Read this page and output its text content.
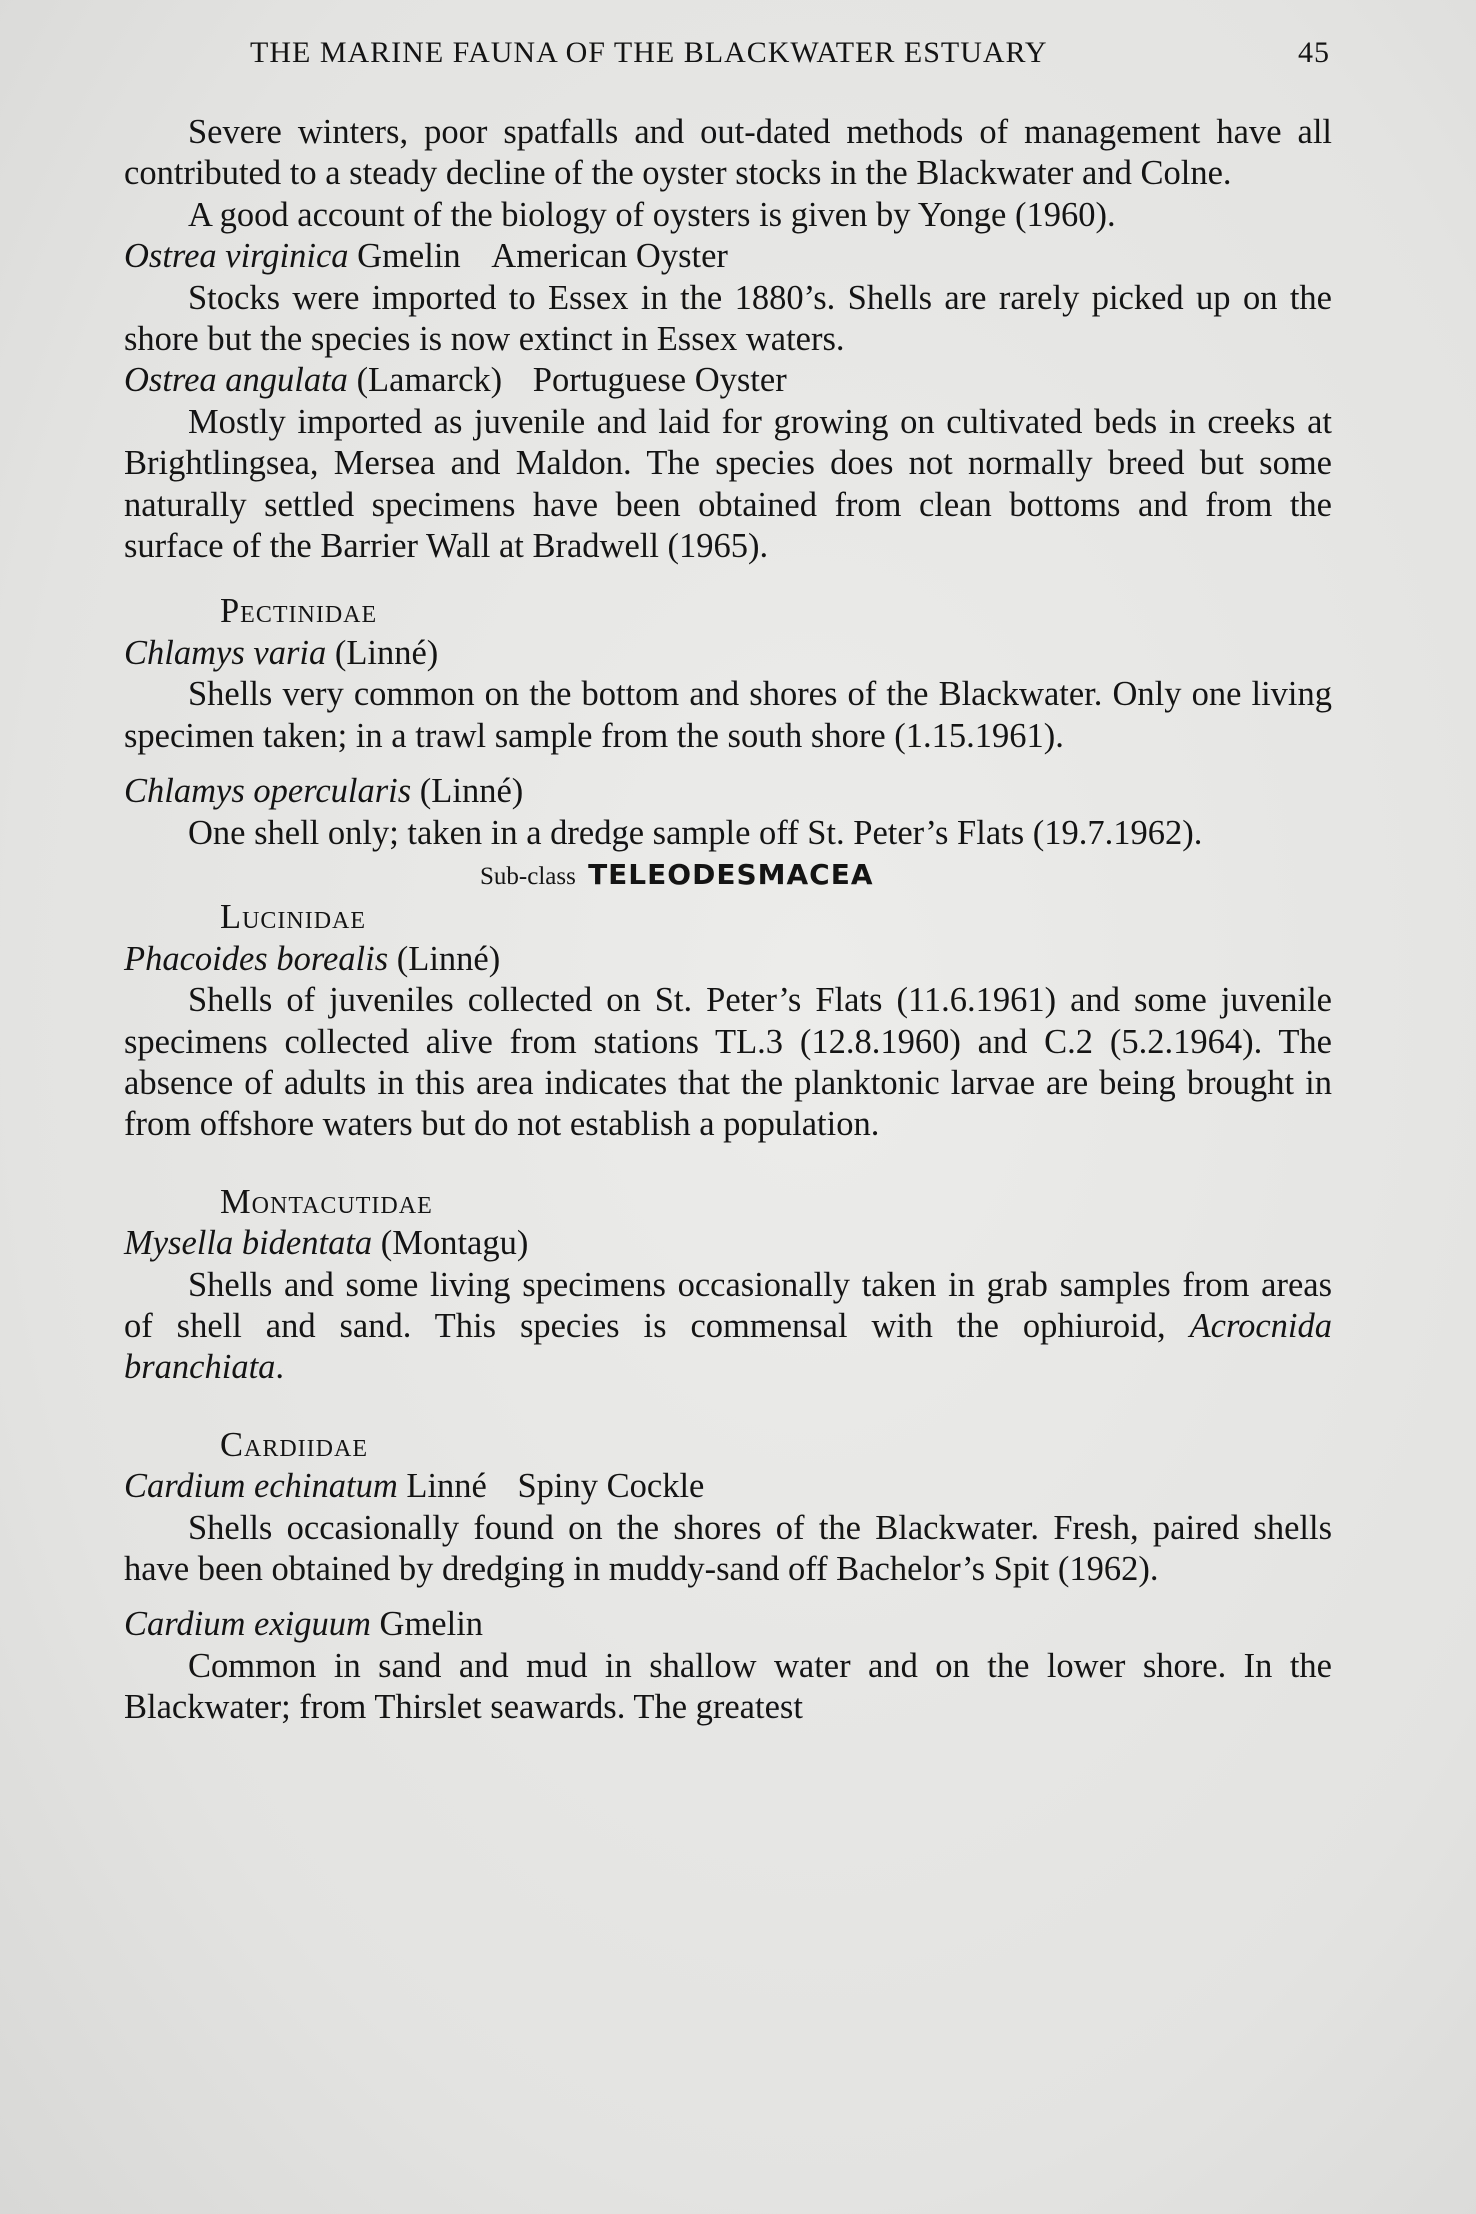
THE MARINE FAUNA OF THE BLACKWATER ESTUARY	45

Severe winters, poor spatfalls and out-dated methods of management have all contributed to a steady decline of the oyster stocks in the Blackwater and Colne.

A good account of the biology of oysters is given by Yonge (1960).

Ostrea virginica Gmelin American Oyster

Stocks were imported to Essex in the 1880’s. Shells are rarely picked up on the shore but the species is now extinct in Essex waters.

Ostrea angulata (Lamarck) Portuguese Oyster

Mostly imported as juvenile and laid for growing on cultivated beds in creeks at Brightlingsea, Mersea and Maldon. The species does not normally breed but some naturally settled specimens have been obtained from clean bottoms and from the surface of the Barrier Wall at Bradwell (1965).

Pectinidae

Chlamys varia (Linné)

Shells very common on the bottom and shores of the Blackwater. Only one living specimen taken; in a trawl sample from the south shore (1.15.1961).

Chlamys opercularis (Linné)

One shell only; taken in a dredge sample off St. Peter’s Flats (19.7.1962).

Sub-class TELEODESMACEA

Lucinidae

Phacoides borealis (Linné)

Shells of juveniles collected on St. Peter’s Flats (11.6.1961) and some juvenile specimens collected alive from stations TL.3 (12.8.1960) and C.2 (5.2.1964). The absence of adults in this area indicates that the planktonic larvae are being brought in from offshore waters but do not establish a population.

Montacutidae

Mysella bidentata (Montagu)

Shells and some living specimens occasionally taken in grab samples from areas of shell and sand. This species is commensal with the ophiuroid, Acrocnida branchiata.

Cardiidae

Cardium echinatum Linné Spiny Cockle

Shells occasionally found on the shores of the Blackwater. Fresh, paired shells have been obtained by dredging in muddy-sand off Bachelor’s Spit (1962).

Cardium exiguum Gmelin

Common in sand and mud in shallow water and on the lower shore. In the Blackwater; from Thirslet seawards. The greatest
